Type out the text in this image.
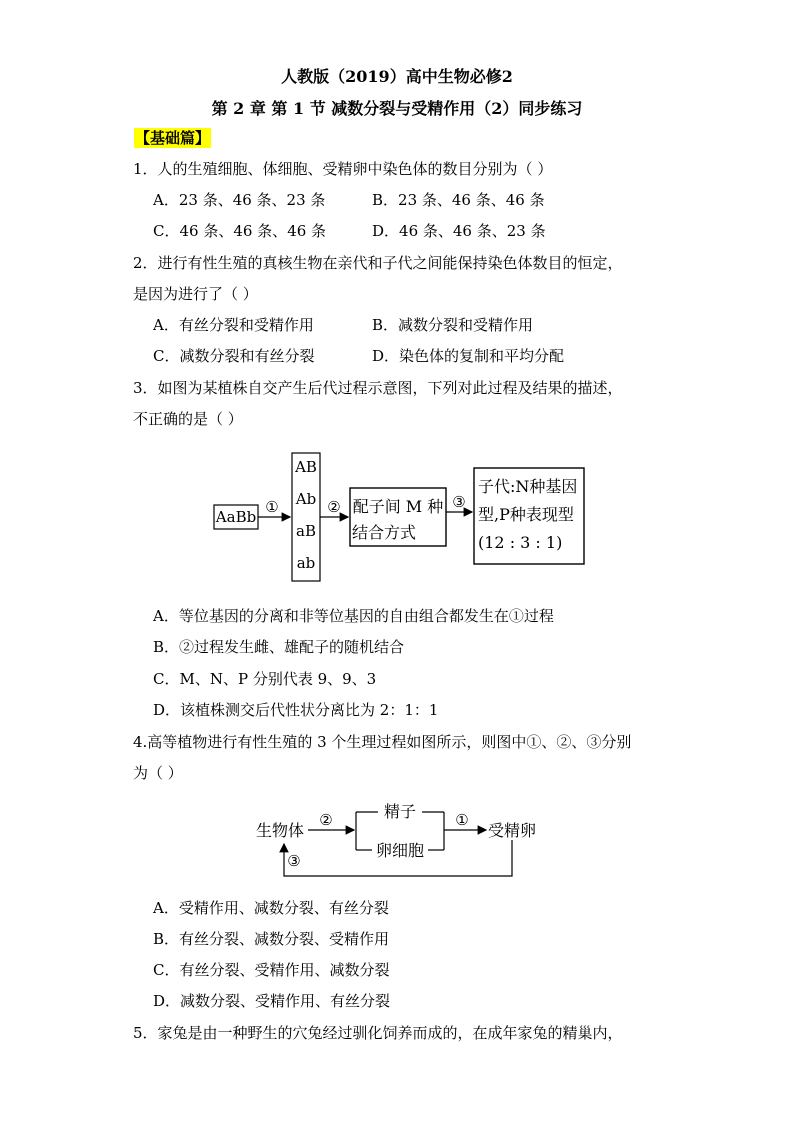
人教版（2019）高中生物必修2
第 2 章 第 1 节 减数分裂与受精作用（2）同步练习
【基础篇】
1．人的生殖细胞、体细胞、受精卵中染色体的数目分别为（ ）
A．23 条、46 条、23 条	B．23 条、46 条、46 条
C．46 条、46 条、46 条	D．46 条、46 条、23 条
2．进行有性生殖的真核生物在亲代和子代之间能保持染色体数目的恒定，
是因为进行了（ ）
A．有丝分裂和受精作用	B．减数分裂和受精作用
C．减数分裂和有丝分裂	D．染色体的复制和平均分配
3．如图为某植株自交产生后代过程示意图，下列对此过程及结果的描述，
不正确的是（ ）
AaBb
①
AB
Ab
aB
ab
② 配子间 M 种
结合方式
③
子代:N种基因
型,P种表现型
(12 : 3 : 1)
A．等位基因的分离和非等位基因的自由组合都发生在①过程
B．②过程发生雌、雄配子的随机结合
C．M、N、P 分别代表 9、9、3
D．该植株测交后代性状分离比为 2：1：1
4.高等植物进行有性生殖的 3 个生理过程如图所示，则图中①、②、③分别
为（ ）
生物体
②	精子
卵细胞
①
受精卵
③
A．受精作用、减数分裂、有丝分裂
B．有丝分裂、减数分裂、受精作用
C．有丝分裂、受精作用、减数分裂
D．减数分裂、受精作用、有丝分裂
5．家兔是由一种野生的穴兔经过驯化饲养而成的，在成年家兔的精巢内，
